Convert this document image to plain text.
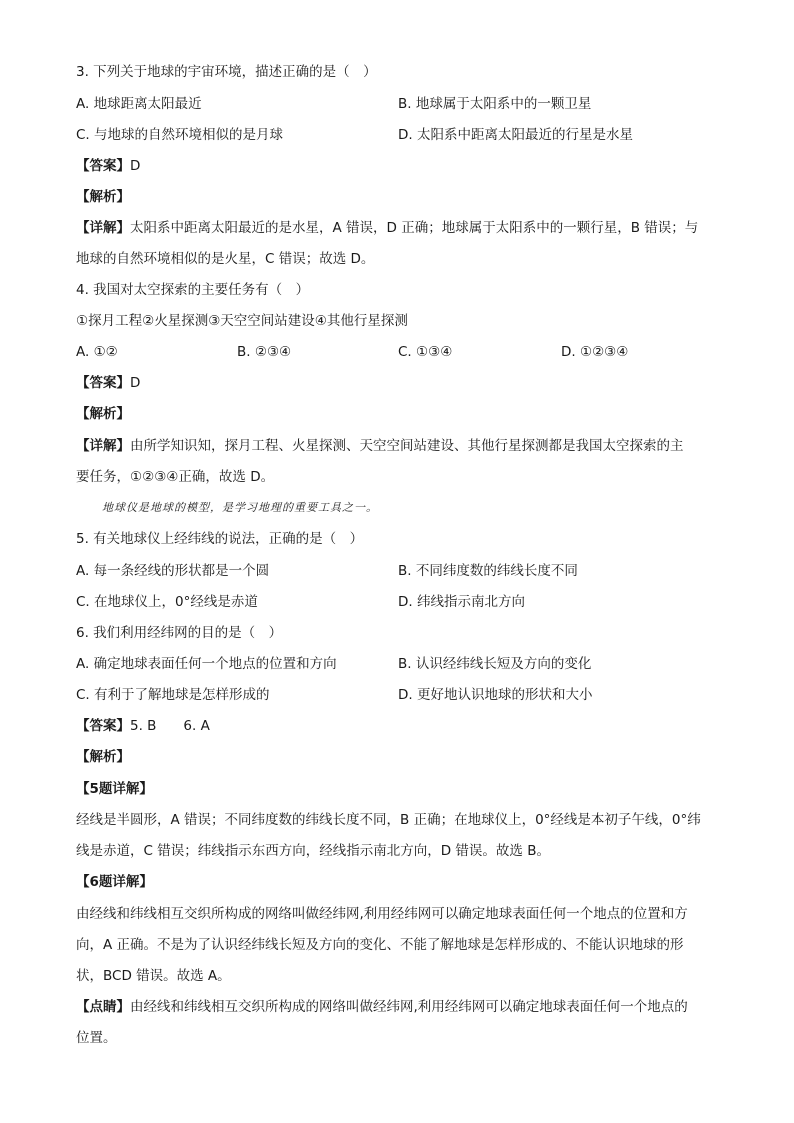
3. 下列关于地球的宇宙环境，描述正确的是（　）
A. 地球距离太阳最近	B. 地球属于太阳系中的一颗卫星
C. 与地球的自然环境相似的是月球	D. 太阳系中距离太阳最近的行星是水星
【答案】D
【解析】
【详解】太阳系中距离太阳最近的是水星，A 错误，D 正确；地球属于太阳系中的一颗行星，B 错误；与
地球的自然环境相似的是火星，C 错误；故选 D。
4. 我国对太空探索的主要任务有（　）
①探月工程②火星探测③天空空间站建设④其他行星探测
A. ①②	B. ②③④	C. ①③④	D. ①②③④
【答案】D
【解析】
【详解】由所学知识知，探月工程、火星探测、天空空间站建设、其他行星探测都是我国太空探索的主
要任务，①②③④正确，故选 D。
地球仪是地球的模型，是学习地理的重要工具之一。
5. 有关地球仪上经纬线的说法，正确的是（　）
A. 每一条经线的形状都是一个圆	B. 不同纬度数的纬线长度不同
C. 在地球仪上，0°经线是赤道	D. 纬线指示南北方向
6. 我们利用经纬网的目的是（　）
A. 确定地球表面任何一个地点的位置和方向	B. 认识经纬线长短及方向的变化
C. 有利于了解地球是怎样形成的	D. 更好地认识地球的形状和大小
【答案】5. B　　6. A
【解析】
【5题详解】
经线是半圆形，A 错误；不同纬度数的纬线长度不同，B 正确；在地球仪上，0°经线是本初子午线，0°纬
线是赤道，C 错误；纬线指示东西方向，经线指示南北方向，D 错误。故选 B。
【6题详解】
由经线和纬线相互交织所构成的网络叫做经纬网,利用经纬网可以确定地球表面任何一个地点的位置和方
向，A 正确。不是为了认识经纬线长短及方向的变化、不能了解地球是怎样形成的、不能认识地球的形
状，BCD 错误。故选 A。
【点睛】由经线和纬线相互交织所构成的网络叫做经纬网,利用经纬网可以确定地球表面任何一个地点的
位置。
